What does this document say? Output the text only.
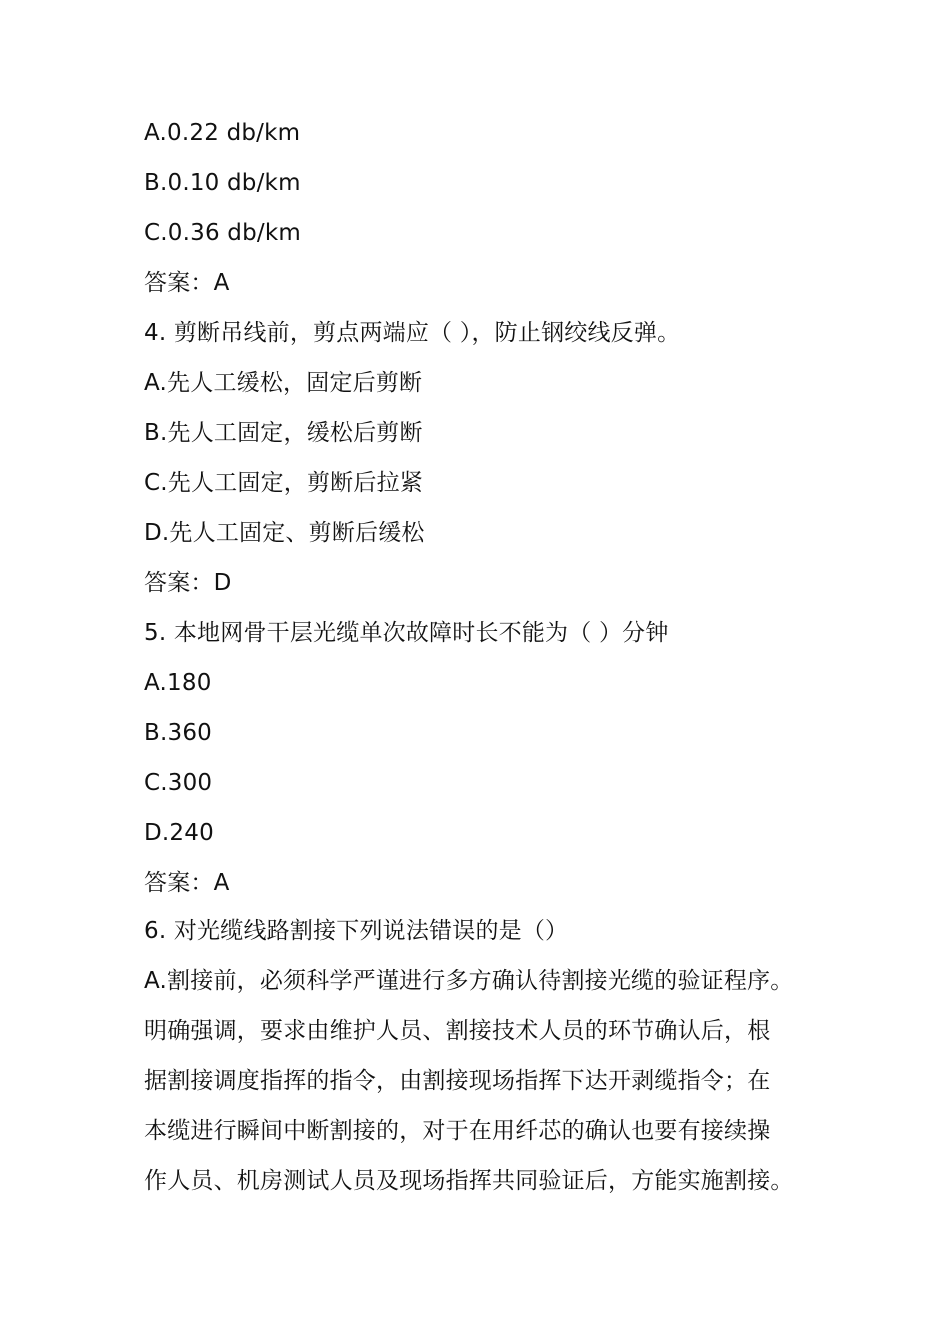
A.0.22 db/km
B.0.10 db/km
C.0.36 db/km
答案：A
4. 剪断吊线前，剪点两端应（ ），防止钢绞线反弹。
A.先人工缓松，固定后剪断
B.先人工固定，缓松后剪断
C.先人工固定，剪断后拉紧
D.先人工固定、剪断后缓松
答案：D
5. 本地网骨干层光缆单次故障时长不能为（ ）分钟
A.180
B.360
C.300
D.240
答案：A
6. 对光缆线路割接下列说法错误的是（）
A.割接前，必须科学严谨进行多方确认待割接光缆的验证程序。
明确强调，要求由维护人员、割接技术人员的环节确认后，根
据割接调度指挥的指令，由割接现场指挥下达开剥缆指令；在
本缆进行瞬间中断割接的，对于在用纤芯的确认也要有接续操
作人员、机房测试人员及现场指挥共同验证后，方能实施割接。
